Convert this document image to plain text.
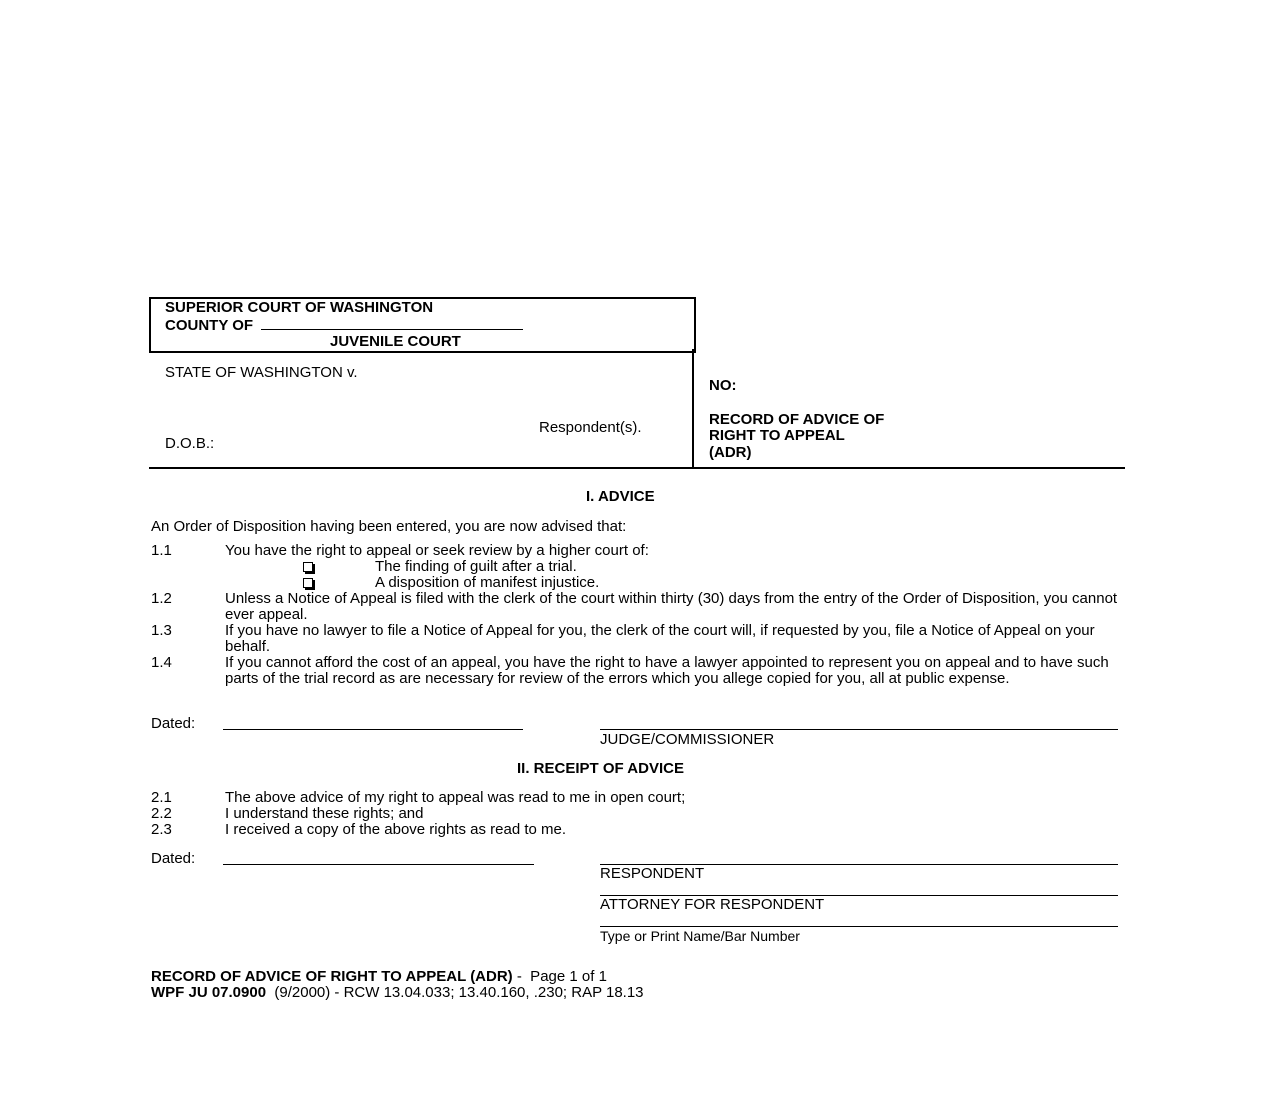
SUPERIOR COURT OF WASHINGTON
COUNTY OF
JUVENILE COURT
STATE OF WASHINGTON v.
Respondent(s).
D.O.B.:
NO:
RECORD OF ADVICE OF
RIGHT TO APPEAL
(ADR)
I. ADVICE
An Order of Disposition having been entered, you are now advised that:
1.1	You have the right to appeal or seek review by a higher court of:
The finding of guilt after a trial.
A disposition of manifest injustice.
1.2	Unless a Notice of Appeal is filed with the clerk of the court within thirty (30) days from the entry of the Order of Disposition, you cannot ever appeal.
1.3	If you have no lawyer to file a Notice of Appeal for you, the clerk of the court will, if requested by you, file a Notice of Appeal on your behalf.
1.4	If you cannot afford the cost of an appeal, you have the right to have a lawyer appointed to represent you on appeal and to have such parts of the trial record as are necessary for review of the errors which you allege copied for you, all at public expense.
Dated:
JUDGE/COMMISSIONER
II. RECEIPT OF ADVICE
2.1	The above advice of my right to appeal was read to me in open court;
2.2	I understand these rights; and
2.3	I received a copy of the above rights as read to me.
Dated:
RESPONDENT
ATTORNEY FOR RESPONDENT
Type or Print Name/Bar Number
RECORD OF ADVICE OF RIGHT TO APPEAL (ADR) -  Page 1 of 1
WPF JU 07.0900  (9/2000) - RCW 13.04.033; 13.40.160, .230; RAP 18.13
